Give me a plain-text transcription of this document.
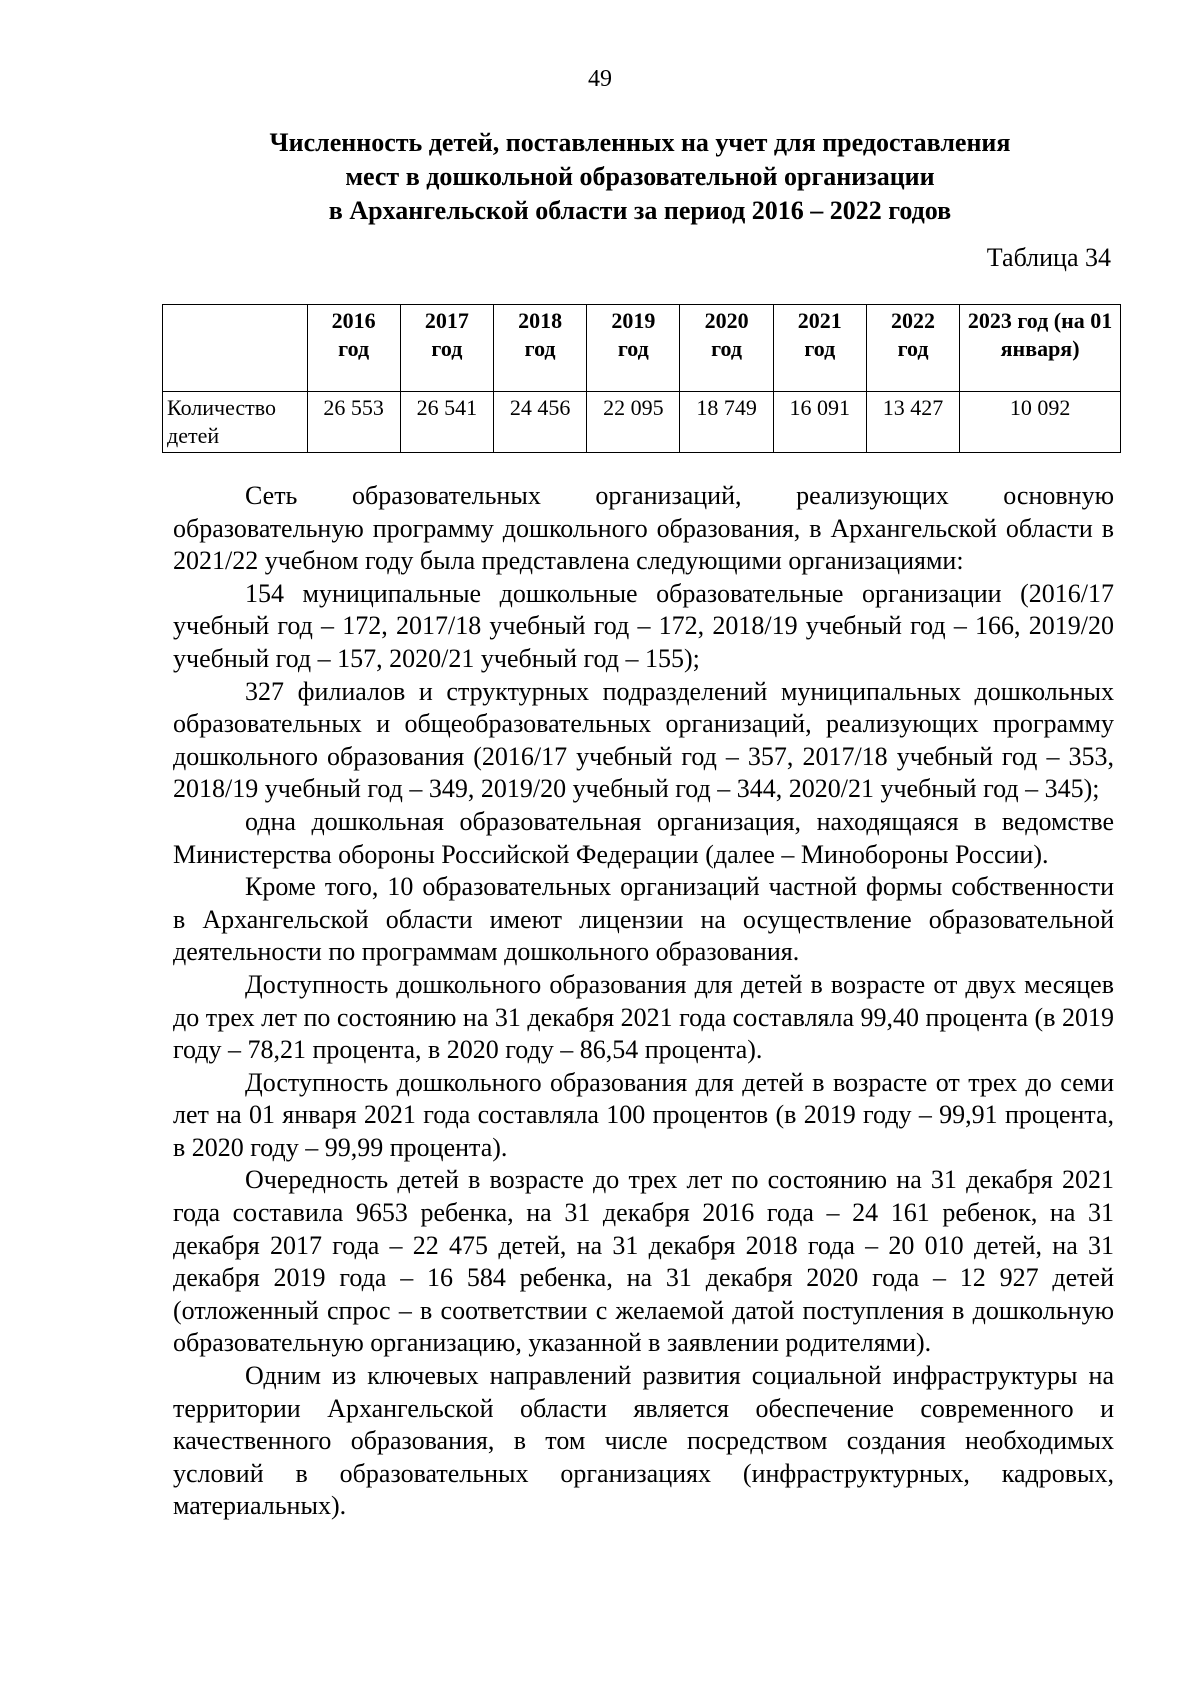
49
Численность детей, поставленных на учет для предоставления
мест в дошкольной образовательной организации
в Архангельской области за период 2016 – 2022 годов
Таблица 34
	2016 год	2017 год	2018 год	2019 год	2020 год	2021 год	2022 год	2023 год (на 01 января)
Количество детей	26 553	26 541	24 456	22 095	18 749	16 091	13 427	10 092

Сеть образовательных организаций, реализующих основную образовательную программу дошкольного образования, в Архангельской области в 2021/22 учебном году была представлена следующими организациями:

154 муниципальные дошкольные образовательные организации (2016/17 учебный год – 172, 2017/18 учебный год – 172, 2018/19 учебный год – 166, 2019/20 учебный год – 157, 2020/21 учебный год – 155);

327 филиалов и структурных подразделений муниципальных дошкольных образовательных и общеобразовательных организаций, реализующих программу дошкольного образования (2016/17 учебный год – 357, 2017/18 учебный год – 353, 2018/19 учебный год – 349, 2019/20 учебный год – 344, 2020/21 учебный год – 345);

одна дошкольная образовательная организация, находящаяся в ведомстве Министерства обороны Российской Федерации (далее – Минобороны России).

Кроме того, 10 образовательных организаций частной формы собственности в Архангельской области имеют лицензии на осуществление образовательной деятельности по программам дошкольного образования.

Доступность дошкольного образования для детей в возрасте от двух месяцев до трех лет по состоянию на 31 декабря 2021 года составляла 99,40 процента (в 2019 году – 78,21 процента, в 2020 году – 86,54 процента).

Доступность дошкольного образования для детей в возрасте от трех до семи лет на 01 января 2021 года составляла 100 процентов (в 2019 году – 99,91 процента, в 2020 году – 99,99 процента).

Очередность детей в возрасте до трех лет по состоянию на 31 декабря 2021 года составила 9653 ребенка, на 31 декабря 2016 года – 24 161 ребенок, на 31 декабря 2017 года – 22 475 детей, на 31 декабря 2018 года – 20 010 детей, на 31 декабря 2019 года – 16 584 ребенка, на 31 декабря 2020 года – 12 927 детей (отложенный спрос – в соответствии с желаемой датой поступления в дошкольную образовательную организацию, указанной в заявлении родителями).

Одним из ключевых направлений развития социальной инфраструктуры на территории Архангельской области является обеспечение современного и качественного образования, в том числе посредством создания необходимых условий в образовательных организациях (инфраструктурных, кадровых, материальных).
